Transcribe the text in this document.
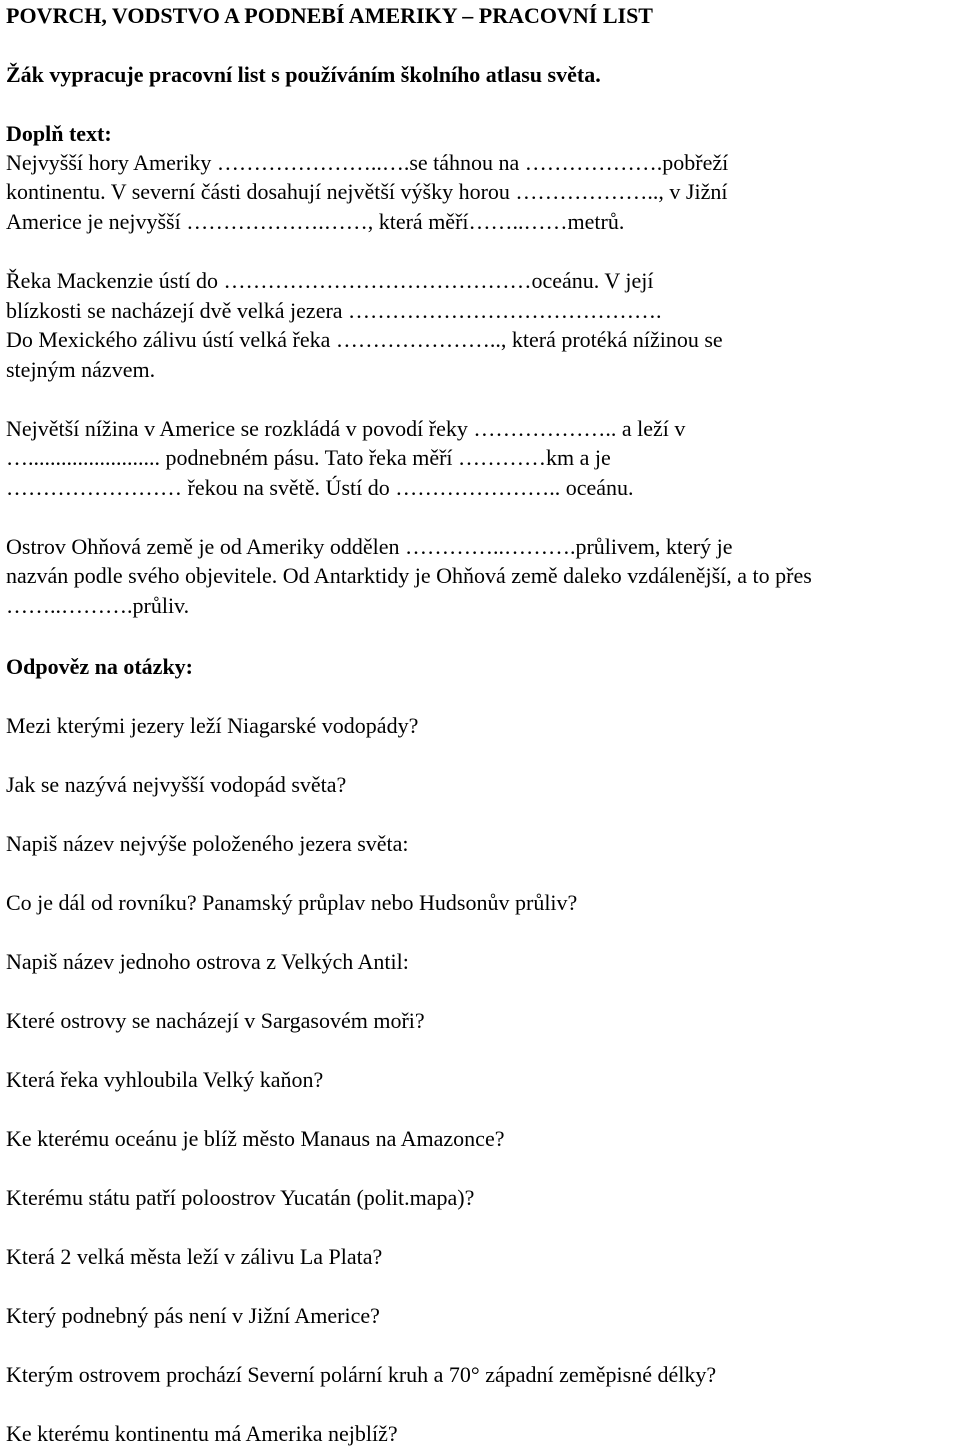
POVRCH, VODSTVO A PODNEBÍ AMERIKY – PRACOVNÍ LIST
Žák vypracuje pracovní list s používáním školního atlasu světa.
Doplň text:
Nejvyšší hory Ameriky …………………..….se táhnou na ……………….pobřeží
kontinentu. V severní části dosahují největší výšky horou ……………….., v Jižní
Americe je nejvyšší ……………….……, která měří……..……metrů.
Řeka Mackenzie ústí do ……………………………………oceánu. V její
blízkosti se nacházejí dvě velká jezera …………………………………….
Do Mexického zálivu ústí velká řeka ………………….., která protéká nížinou se
stejným názvem.
Největší nížina v Americe se rozkládá v povodí řeky ……………….. a leží v
…........................ podnebném pásu. Tato řeka měří …………km a je
…………………… řekou na světě. Ústí do ………………….. oceánu.
Ostrov Ohňová země je od Ameriky oddělen …………..……….průlivem, který je
nazván podle svého objevitele. Od Antarktidy je Ohňová země daleko vzdálenější, a to přes
……..……….průliv.
Odpověz na otázky:
Mezi kterými jezery leží Niagarské vodopády?
Jak se nazývá nejvyšší vodopád světa?
Napiš název nejvýše položeného jezera světa:
Co je dál od rovníku? Panamský průplav nebo Hudsonův průliv?
Napiš název jednoho ostrova z Velkých Antil:
Které ostrovy se nacházejí v Sargasovém moři?
Která řeka vyhloubila Velký kaňon?
Ke kterému oceánu je blíž město Manaus na Amazonce?
Kterému státu patří poloostrov Yucatán (polit.mapa)?
Která 2 velká města leží v zálivu La Plata?
Který podnebný pás není v Jižní Americe?
Kterým ostrovem prochází Severní polární kruh a 70° západní zeměpisné délky?
Ke kterému kontinentu má Amerika nejblíž?
